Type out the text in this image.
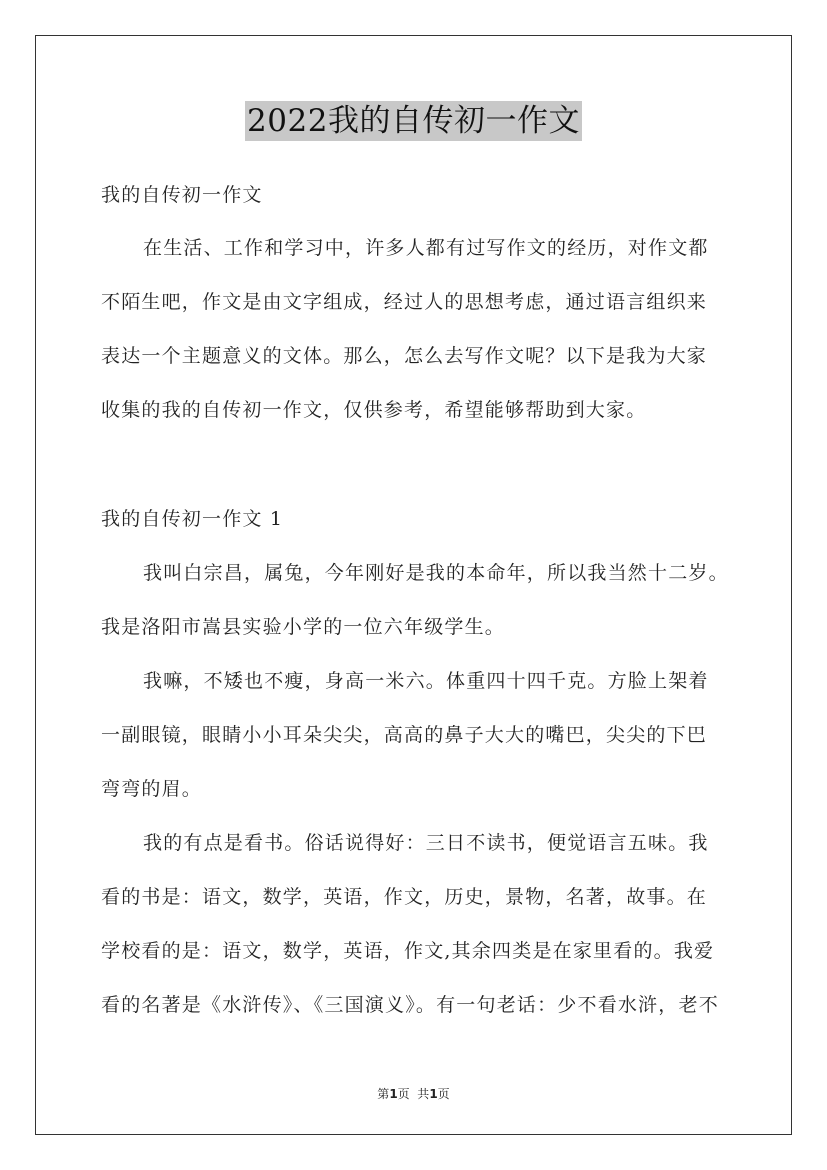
2022我的自传初一作文
我的自传初一作文
在生活、工作和学习中，许多人都有过写作文的经历，对作文都
不陌生吧，作文是由文字组成，经过人的思想考虑，通过语言组织来
表达一个主题意义的文体。那么，怎么去写作文呢？以下是我为大家
收集的我的自传初一作文，仅供参考，希望能够帮助到大家。
我的自传初一作文 1
我叫白宗昌，属兔，今年刚好是我的本命年，所以我当然十二岁。
我是洛阳市嵩县实验小学的一位六年级学生。
我嘛，不矮也不瘦，身高一米六。体重四十四千克。方脸上架着
一副眼镜，眼睛小小耳朵尖尖，高高的鼻子大大的嘴巴，尖尖的下巴
弯弯的眉。
我的有点是看书。俗话说得好：三日不读书，便觉语言五味。我
看的书是：语文，数学，英语，作文，历史，景物，名著，故事。在
学校看的是：语文，数学，英语，作文,其余四类是在家里看的。我爱
看的名著是《水浒传》、《三国演义》。有一句老话：少不看水浒，老不
第1页  共1页
